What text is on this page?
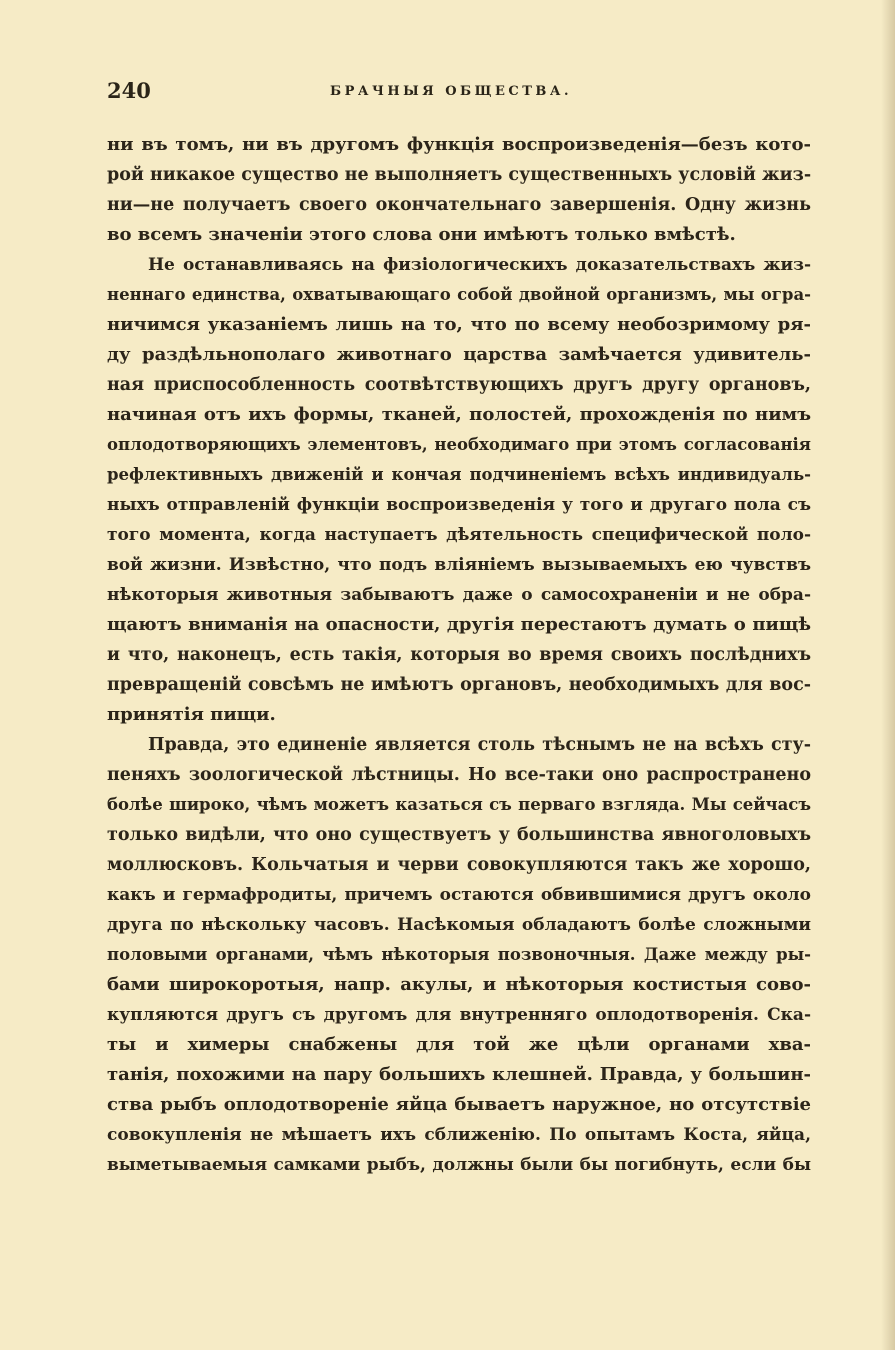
240	БРАЧНЫЯ ОБЩЕСТВА.
ни въ томъ, ни въ другомъ функція воспроизведенія—безъ кото-
рой никакое существо не выполняетъ существенныхъ условій жиз-
ни—не получаетъ своего окончательнаго завершенія. Одну жизнь
во всемъ значеніи этого слова они имѣютъ только вмѣстѣ.
Не останавливаясь на физіологическихъ доказательствахъ жиз-
неннаго единства, охватывающаго собой двойной организмъ, мы огра-
ничимся указаніемъ лишь на то, что по всему необозримому ря-
ду раздѣльнополаго животнаго царства замѣчается удивитель-
ная приспособленность соотвѣтствующихъ другъ другу органовъ,
начиная отъ ихъ формы, тканей, полостей, прохожденія по нимъ
оплодотворяющихъ элементовъ, необходимаго при этомъ согласованія
рефлективныхъ движеній и кончая подчиненіемъ всѣхъ индивидуаль-
ныхъ отправленій функціи воспроизведенія у того и другаго пола съ
того момента, когда наступаетъ дѣятельность специфической поло-
вой жизни. Извѣстно, что подъ вліяніемъ вызываемыхъ ею чувствъ
нѣкоторыя животныя забываютъ даже о самосохраненіи и не обра-
щаютъ вниманія на опасности, другія перестаютъ думать о пищѣ
и что, наконецъ, есть такія, которыя во время своихъ послѣднихъ
превращеній совсѣмъ не имѣютъ органовъ, необходимыхъ для вос-
принятія пищи.
Правда, это единеніе является столь тѣснымъ не на всѣхъ сту-
пеняхъ зоологической лѣстницы. Но все-таки оно распространено
болѣе широко, чѣмъ можетъ казаться съ перваго взгляда. Мы сейчасъ
только видѣли, что оно существуетъ у большинства явноголовыхъ
моллюсковъ. Кольчатыя и черви совокупляются такъ же хорошо,
какъ и гермафродиты, причемъ остаются обвившимися другъ около
друга по нѣскольку часовъ. Насѣкомыя обладаютъ болѣе сложными
половыми органами, чѣмъ нѣкоторыя позвоночныя. Даже между ры-
бами широкоротыя, напр. акулы, и нѣкоторыя костистыя сово-
купляются другъ съ другомъ для внутренняго оплодотворенія. Ска-
ты и химеры снабжены для той же цѣли органами хва-
танія, похожими на пару большихъ клешней. Правда, у большин-
ства рыбъ оплодотвореніе яйца бываетъ наружное, но отсутствіе
совокупленія не мѣшаетъ ихъ сближенію. По опытамъ Коста, яйца,
выметываемыя самками рыбъ, должны были бы погибнуть, если бы
